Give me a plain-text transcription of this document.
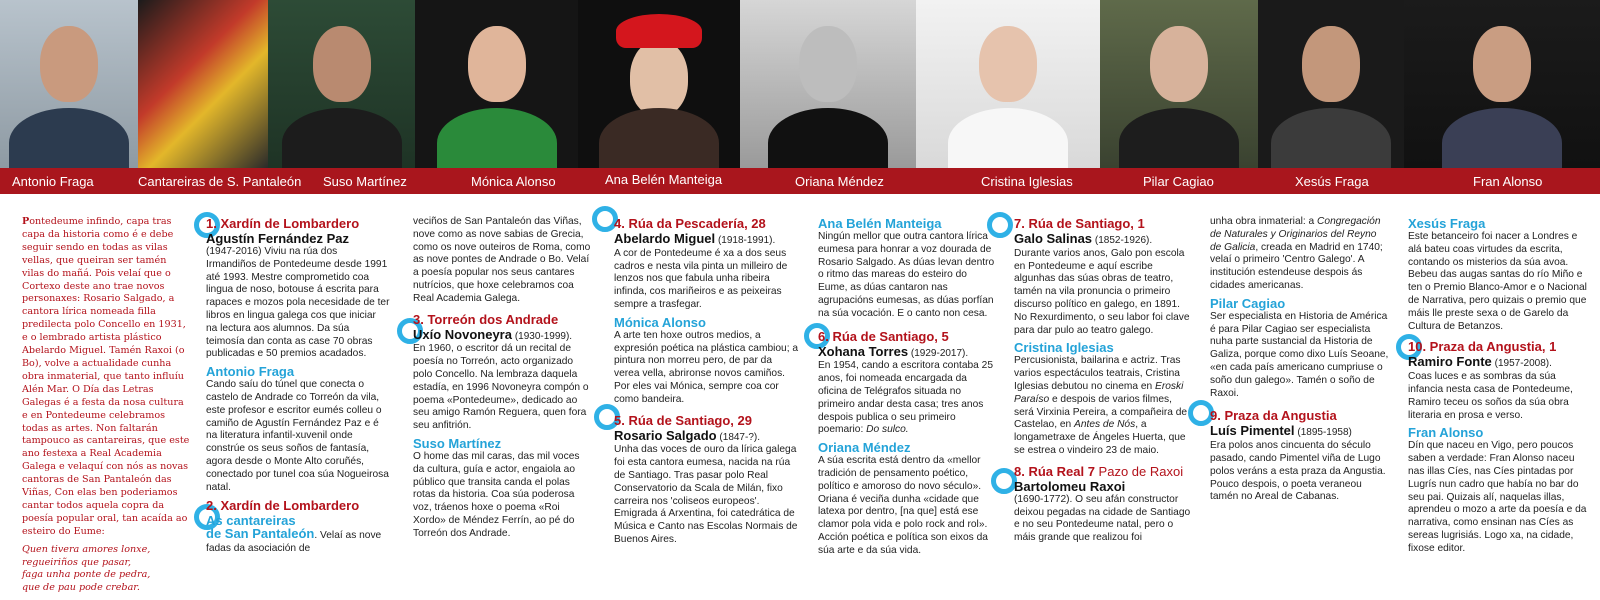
Antonio Fraga	Cantareiras de S. Pantaleón Suso Martínez	Mónica Alonso	Ana Belén Manteiga	Oriana Méndez	Cristina Iglesias	Pilar Cagiao	Xesús Fraga	Fran Alonso

Pontedeume infindo, capa tras capa da historia como é e debe seguir sendo en todas as vilas vellas, que queiran ser tamén vilas do mañá. Pois velaí que o Cortexo deste ano trae novos personaxes: Rosario Salgado, a cantora lírica nomeada filla predilecta polo Concello en 1931, e o lembrado artista plástico Abelardo Miguel. Tamén Raxoi (o Bo), volve a actualidade cunha obra inmaterial, que tanto influíu Alén Mar. O Día das Letras Galegas é a festa da nosa cultura e en Pontedeume celebramos todas as artes. Non faltarán tampouco as cantareiras, que este ano festexa a Real Academia Galega e velaquí con nós as novas cantoras de San Pantaleón das Viñas, Con elas ben poderiamos cantar todos aquela copra da poesía popular oral, tan acaída ao esteiro do Eume:

Quen tivera amores lonxe,
regueiriños que pasar,
faga unha ponte de pedra,
que de pau pode crebar.
1. Xardín de Lombardero
Agustín Fernández Paz

(1947-2016) Viviu na rúa dos Irmandiños de Pontedeume desde 1991 até 1993. Mestre comprometido coa lingua de noso, botouse á escrita para rapaces e mozos pola necesidade de ter libros en lingua galega cos que iniciar na lectura aos alumnos. Da súa teimosía dan conta as case 70 obras publicadas e 50 premios acadados.

Antonio Fraga

Cando saíu do túnel que conecta o castelo de Andrade co Torreón da vila, este profesor e escritor eumés colleu o camiño de Agustín Fernández Paz e é na literatura infantil-xuvenil onde constrúe os seus soños de fantasía, agora desde o Monte Alto coruñés, conectado por tunel coa súa Nogueirosa natal.

2. Xardín de Lombardero
As cantareiras

de San Pantaleón. Velaí as nove fadas da asociación de

veciños de San Pantaleón das Viñas, nove como as nove sabias de Grecia, como os nove outeiros de Roma, como as nove pontes de Andrade o Bo. Velaí a poesía popular nos seus cantares nutrícios, que hoxe celebramos coa Real Academia Galega.

3. Torreón dos Andrade
Uxío Novoneyra (1930-1999).

En 1960, o escritor dá un recital de poesía no Torreón, acto organizado polo Concello. Na lembraza daquela estadía, en 1996 Novoneyra compón o poema «Pontedeume», dedicado ao seu amigo Ramón Reguera, quen fora seu anfitrión.

Suso Martínez

O home das mil caras, das mil voces da cultura, guía e actor, engaiola ao público que transita canda el polas rotas da historia. Coa súa poderosa voz, tráenos hoxe o poema «Roi Xordo» de Méndez Ferrín, ao pé do Torreón dos Andrade.

4. Rúa da Pescadería, 28
Abelardo Miguel (1918-1991).

A cor de Pontedeume é xa a dos seus cadros e nesta vila pinta un milleiro de lenzos nos que fabula unha ribeira infinda, cos mariñeiros e as peixeiras sempre a trasfegar.

Mónica Alonso

A arte ten hoxe outros medios, a expresión poética na plástica cambiou; a pintura non morreu pero, de par da verea vella, abrironse novos camiños. Por eles vai Mónica, sempre coa cor como bandeira.

5. Rúa de Santiago, 29
Rosario Salgado (1847-?).

Unha das voces de ouro da lírica galega foi esta cantora eumesa, nacida na rúa de Santiago. Tras pasar polo Real Conservatorio da Scala de Milán, fixo carreira nos 'coliseos europeos'. Emigrada á Arxentina, foi catedrática de Música e Canto nas Escolas Normais de Buenos Aires.

Ana Belén Manteiga

Ningún mellor que outra cantora lírica eumesa para honrar a voz dourada de Rosario Salgado. As dúas levan dentro o ritmo das mareas do esteiro do Eume, as dúas cantaron nas agrupacións eumesas, as dúas porfían na súa vocación. E o canto non cesa.

6. Rúa de Santiago, 5
Xohana Torres (1929-2017).

En 1954, cando a escritora contaba 25 anos, foi nomeada encargada da oficina de Telégrafos situada no primeiro andar desta casa; tres anos despois publica o seu primeiro poemario: Do sulco.

Oriana Méndez

A súa escrita está dentro da «mellor tradición de pensamento poético, político e amoroso do novo século». Oriana é veciña dunha «cidade que latexa por dentro, [na que] está ese clamor pola vida e polo rock and rol». Acción poética e política son eixos da súa arte e da súa vida.

7. Rúa de Santiago, 1
Galo Salinas (1852-1926).

Durante varios anos, Galo pon escola en Pontedeume e aquí escribe algunhas das súas obras de teatro, tamén na vila pronuncia o primeiro discurso político en galego, en 1891. No Rexurdimento, o seu labor foi clave para dar pulo ao teatro galego.

Cristina Iglesias

Percusionista, bailarina e actriz. Tras varios espectáculos teatrais, Cristina Iglesias debutou no cinema en Eroski Paraíso e despois de varios filmes, será Virxinia Pereira, a compañeira de Castelao, en Antes de Nós, a longametraxe de Ángeles Huerta, que se estrea o vindeiro 23 de maio.

8. Rúa Real 7 Pazo de Raxoi
Bartolomeu Raxoi

(1690-1772). O seu afán constructor deixou pegadas na cidade de Santiago e no seu Pontedeume natal, pero o máis grande que realizou foi

unha obra inmaterial: a Congregación de Naturales y Originarios del Reyno de Galicia, creada en Madrid en 1740; velaí o primeiro 'Centro Galego'. A institución estendeuse despois ás cidades americanas.

Pilar Cagiao

Ser especialista en Historia de América é para Pilar Cagiao ser especialista nuha parte sustancial da Historia de Galiza, porque como dixo Luís Seoane, «en cada país americano cumpriuse o soño dun galego». Tamén o soño de Raxoi.

9. Praza da Angustia
Luís Pimentel (1895-1958)

Era polos anos cincuenta do século pasado, cando Pimentel viña de Lugo polos veráns a esta praza da Angustia. Pouco despois, o poeta veraneou tamén no Areal de Cabanas.

Xesús Fraga

Este betanceiro foi nacer a Londres e alá bateu coas virtudes da escrita, contando os misterios da súa avoa. Bebeu das augas santas do río Miño e ten o Premio Blanco-Amor e o Nacional de Narrativa, pero quizais o premio que máis lle preste sexa o de Garelo da Cultura de Betanzos.

10. Praza da Angustia, 1
Ramiro Fonte (1957-2008).

Coas luces e as sombras da súa infancia nesta casa de Pontedeume, Ramiro teceu os soños da súa obra literaria en prosa e verso.

Fran Alonso

Dín que naceu en Vigo, pero poucos saben a verdade: Fran Alonso naceu nas illas Cíes, nas Cíes pintadas por Lugrís nun cadro que había no bar do seu pai. Quizais alí, naquelas illas, aprendeu o mozo a arte da poesía e da narrativa, como ensinan nas Cíes as sereas lugrisiás. Logo xa, na cidade, fixose editor.
